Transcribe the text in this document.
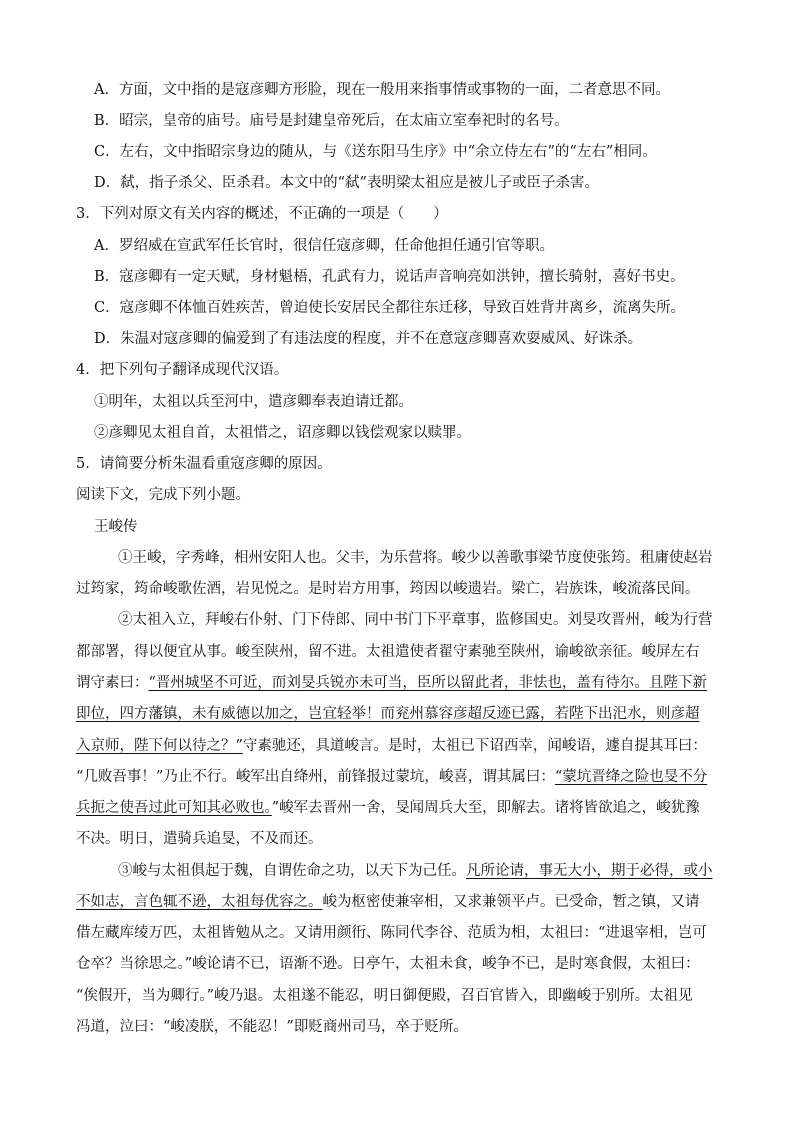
A．方面，文中指的是寇彦卿方形脸，现在一般用来指事情或事物的一面，二者意思不同。
B．昭宗，皇帝的庙号。庙号是封建皇帝死后，在太庙立室奉祀时的名号。
C．左右，文中指昭宗身边的随从，与《送东阳马生序》中“余立侍左右”的“左右”相同。
D．弑，指子杀父、臣杀君。本文中的“弑”表明梁太祖应是被儿子或臣子杀害。
3．下列对原文有关内容的概述，不正确的一项是（　　）
A．罗绍威在宣武军任长官时，很信任寇彦卿，任命他担任通引官等职。
B．寇彦卿有一定天赋，身材魁梧，孔武有力，说话声音响亮如洪钟，擅长骑射，喜好书史。
C．寇彦卿不体恤百姓疾苦，曾迫使长安居民全都往东迁移，导致百姓背井离乡，流离失所。
D．朱温对寇彦卿的偏爱到了有违法度的程度，并不在意寇彦卿喜欢耍威风、好诛杀。
4．把下列句子翻译成现代汉语。
①明年，太祖以兵至河中，遣彦卿奉表迫请迁都。
②彦卿见太祖自首，太祖惜之，诏彦卿以钱偿观家以赎罪。
5．请简要分析朱温看重寇彦卿的原因。
阅读下文，完成下列小题。
王峻传
①王峻，字秀峰，相州安阳人也。父丰，为乐营将。峻少以善歌事梁节度使张筠。租庸使赵岩
过筠家，筠命峻歌佐酒，岩见悦之。是时岩方用事，筠因以峻遗岩。梁亡，岩族诛，峻流落民间。
②太祖入立，拜峻右仆射、门下侍郎、同中书门下平章事，监修国史。刘旻攻晋州，峻为行营
都部署，得以便宜从事。峻至陕州，留不进。太祖遣使者翟守素驰至陕州，谕峻欲亲征。峻屏左右
谓守素曰：“晋州城坚不可近，而刘旻兵锐亦未可当，臣所以留此者，非怯也，盖有待尔。且陛下新
即位，四方藩镇，未有威德以加之，岂宜轻举！而兖州慕容彦超反迹已露，若陛下出汜水，则彦超
入京师，陛下何以待之？”守素驰还，具道峻言。是时，太祖已下诏西幸，闻峻语，遽自提其耳曰：
“几败吾事！”乃止不行。峻军出自绛州，前锋报过蒙坑，峻喜，谓其属曰：“蒙坑晋绛之险也旻不分
兵扼之使吾过此可知其必败也。”峻军去晋州一舍，旻闻周兵大至，即解去。诸将皆欲追之，峻犹豫
不决。明日，遣骑兵追旻，不及而还。
③峻与太祖俱起于魏，自谓佐命之功，以天下为己任。凡所论请，事无大小，期于必得，或小
不如志，言色辄不逊，太祖每优容之。峻为枢密使兼宰相，又求兼领平卢。已受命，暂之镇，又请
借左藏库绫万匹，太祖皆勉从之。又请用颜衎、陈同代李谷、范质为相，太祖曰：“进退宰相，岂可
仓卒？当徐思之。”峻论请不已，语渐不逊。日亭午，太祖未食，峻争不已，是时寒食假，太祖曰：
“俟假开，当为卿行。”峻乃退。太祖遂不能忍，明日御便殿，召百官皆入，即幽峻于别所。太祖见
冯道，泣曰：“峻凌朕，不能忍！”即贬商州司马，卒于贬所。
